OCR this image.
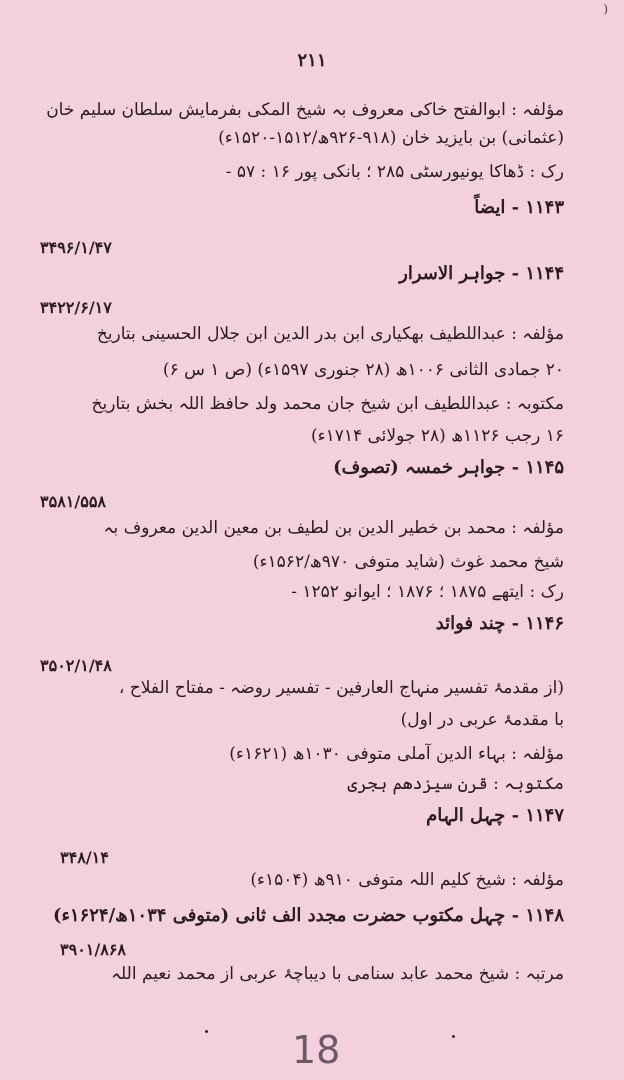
)
۲۱۱
مؤلفہ : ابوالفتح خاکی معروف بہ شیخ المکی بفرمایش سلطان سلیم خان
(عثمانی) بن بایزید خان (۹۱۸-۹۲۶ھ/۱۵۱۲-۱۵۲۰ء)
رک : ڈھاکا یونیورسٹی ۲۸۵ ؛ بانکی پور ۱۶ : ۵۷ -
۱۱۴۳ - ایضاً
۳۴۹۶/۱/۴۷
۱۱۴۴ - جواہر الاسرار
۳۴۲۲/۶/۱۷
مؤلفہ : عبداللطیف بھکیاری ابن بدر الدین ابن جلال الحسینی بتاریخ
۲۰ جمادی الثانی ۱۰۰۶ھ (۲۸ جنوری ۱۵۹۷ء) (ص ۱ س ۶)
مکتوبہ : عبداللطیف ابن شیخ جان محمد ولد حافظ اللہ بخش بتاریخ
۱۶ رجب ۱۱۲۶ھ (۲۸ جولائی ۱۷۱۴ء)
۱۱۴۵ - جواہر خمسہ (تصوف)
۳۵۸۱/۵۵۸
مؤلفہ : محمد بن خطیر الدین بن لطیف بن معین الدین معروف بہ
شیخ محمد غوث (شاید متوفی ۹۷۰ھ/۱۵۶۲ء)
رک : ایتھے ۱۸۷۵ ؛ ۱۸۷۶ ؛ ایوانو ۱۲۵۲ -
۱۱۴۶ - چند فوائد
۳۵۰۲/۱/۴۸
(از مقدمۂ تفسیر منہاج العارفین - تفسیر روضہ - مفتاح الفلاح ،
با مقدمۂ عربی در اول)
مؤلفہ : بہاء الدین آملی متوفی ۱۰۳۰ھ (۱۶۲۱ء)
مکتوبہ : قرن سیزدھم ہجری
۱۱۴۷ - چہل الہام
۳۴۸/۱۴
مؤلفہ : شیخ کلیم اللہ متوفی ۹۱۰ھ (۱۵۰۴ء)
۱۱۴۸ - چہل مکتوب حضرت مجدد الف ثانی (متوفی ۱۰۳۴ھ/۱۶۲۴ء)
۳۹۰۱/۸۶۸
مرتبہ : شیخ محمد عابد سنامی با دیباچۂ عربی از محمد نعیم اللہ
18
